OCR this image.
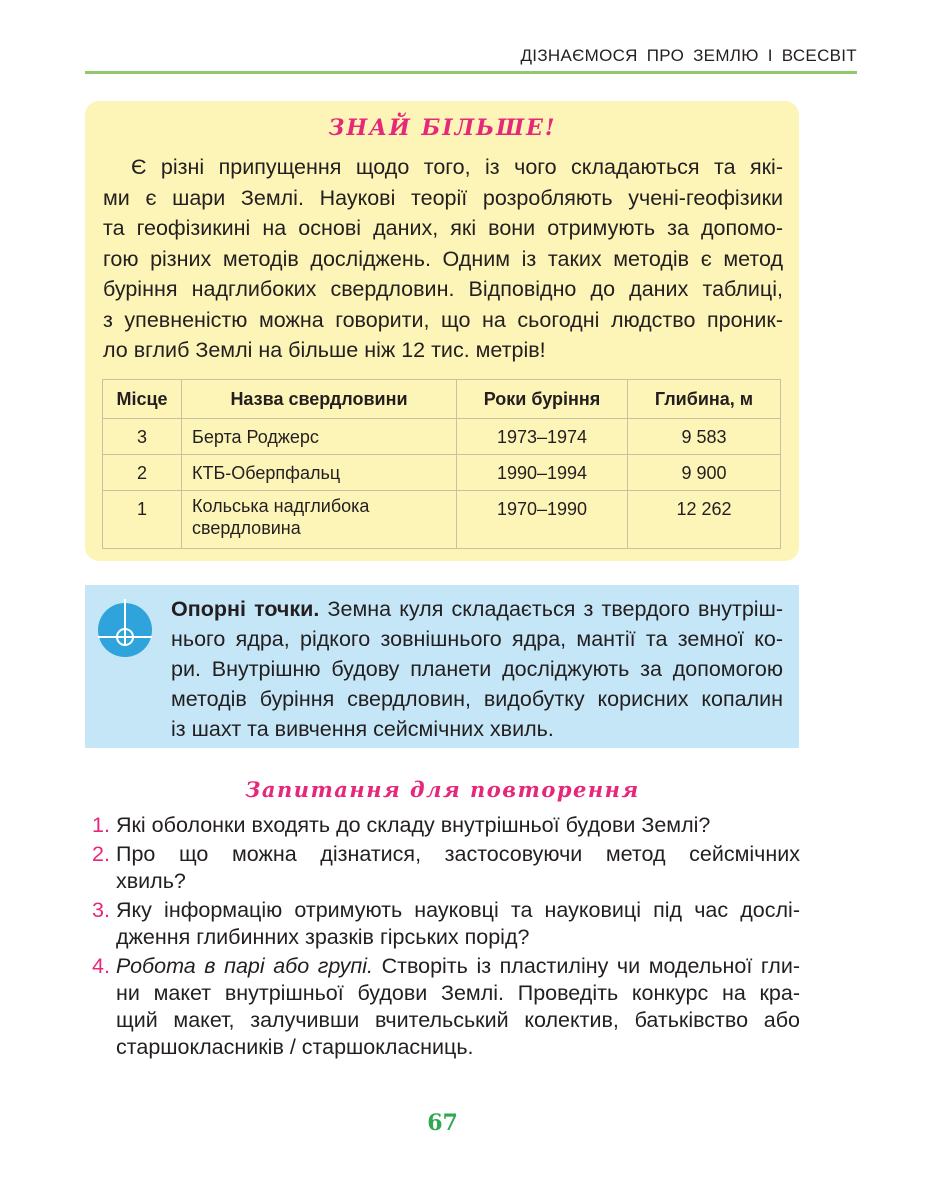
ДІЗНАЄМОСЯ ПРО ЗЕМЛЮ І ВСЕСВІТ
ЗНАЙ БІЛЬШЕ!
Є різні припущення щодо того, із чого складаються та які-
ми є шари Землі. Наукові теорії розробляють учені-геофізики
та геофізикині на основі даних, які вони отримують за допомо-
гою різних методів досліджень. Одним із таких методів є метод
буріння надглибоких свердловин. Відповідно до даних таблиці,
з упевненістю можна говорити, що на сьогодні людство проник-
ло вглиб Землі на більше ніж 12 тис. метрів!
Місце	Назва свердловини	Роки буріння	Глибина, м

3	Берта Роджерс	1973–1974	9 583

2	КТБ-Оберпфальц	1990–1994	9 900

1	Кольська надглибока
свердловина	1970–1990	12 262
Опорні точки. Земна куля складається з твердого внутріш-
нього ядра, рідкого зовнішнього ядра, мантії та земної ко-
ри. Внутрішню будову планети досліджують за допомогою
методів буріння свердловин, видобутку корисних копалин
із шахт та вивчення сейсмічних хвиль.
Запитання для повторення
1. Які оболонки входять до складу внутрішньої будови Землі?
2. Про що можна дізнатися, застосовуючи метод сейсмічних
хвиль?
3. Яку інформацію отримують науковці та науковиці під час дослі-
дження глибинних зразків гірських порід?
4. Робота в парі або групі. Створіть із пластиліну чи модельної гли-
ни макет внутрішньої будови Землі. Проведіть конкурс на кра-
щий макет, залучивши вчительський колектив, батьківство або
старшокласників / старшокласниць.
67
